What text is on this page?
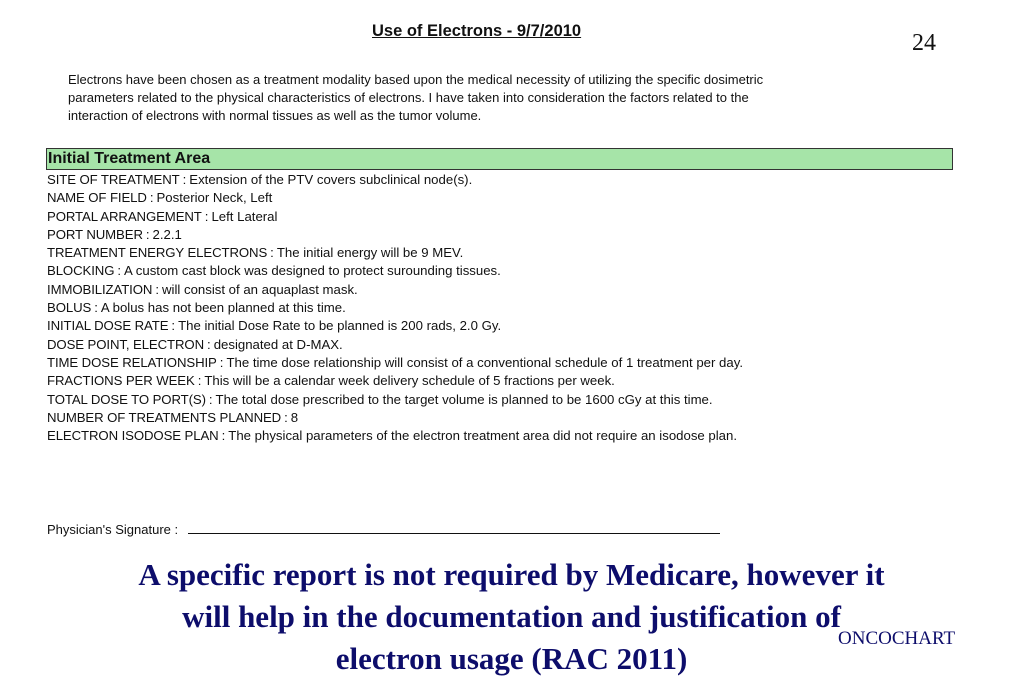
Use of Electrons - 9/7/2010	24
Electrons have been chosen as a treatment modality based upon the medical necessity of utilizing the specific dosimetric
parameters related to the physical characteristics of electrons. I have taken into consideration the factors related to the
interaction of electrons with normal tissues as well as the tumor volume.
Initial Treatment Area
SITE OF TREATMENT : Extension of the PTV covers subclinical node(s).
NAME OF FIELD : Posterior Neck, Left
PORTAL ARRANGEMENT : Left Lateral
PORT NUMBER : 2.2.1
TREATMENT ENERGY ELECTRONS : The initial energy will be 9 MEV.
BLOCKING : A custom cast block was designed to protect surounding tissues.
IMMOBILIZATION : will consist of an aquaplast mask.
BOLUS : A bolus has not been planned at this time.
INITIAL DOSE RATE : The initial Dose Rate to be planned is 200 rads, 2.0 Gy.
DOSE POINT, ELECTRON : designated at D-MAX.
TIME DOSE RELATIONSHIP : The time dose relationship will consist of a conventional schedule of 1 treatment per day.
FRACTIONS PER WEEK : This will be a calendar week delivery schedule of 5 fractions per week.
TOTAL DOSE TO PORT(S) : The total dose prescribed to the target volume is planned to be 1600 cGy at this time.
NUMBER OF TREATMENTS PLANNED : 8
ELECTRON ISODOSE PLAN : The physical parameters of the electron treatment area did not require an isodose plan.
Physician's Signature :
A specific report is not required by Medicare, however it
will help in the documentation and justification of
electron usage (RAC 2011)
ONCOCHART
